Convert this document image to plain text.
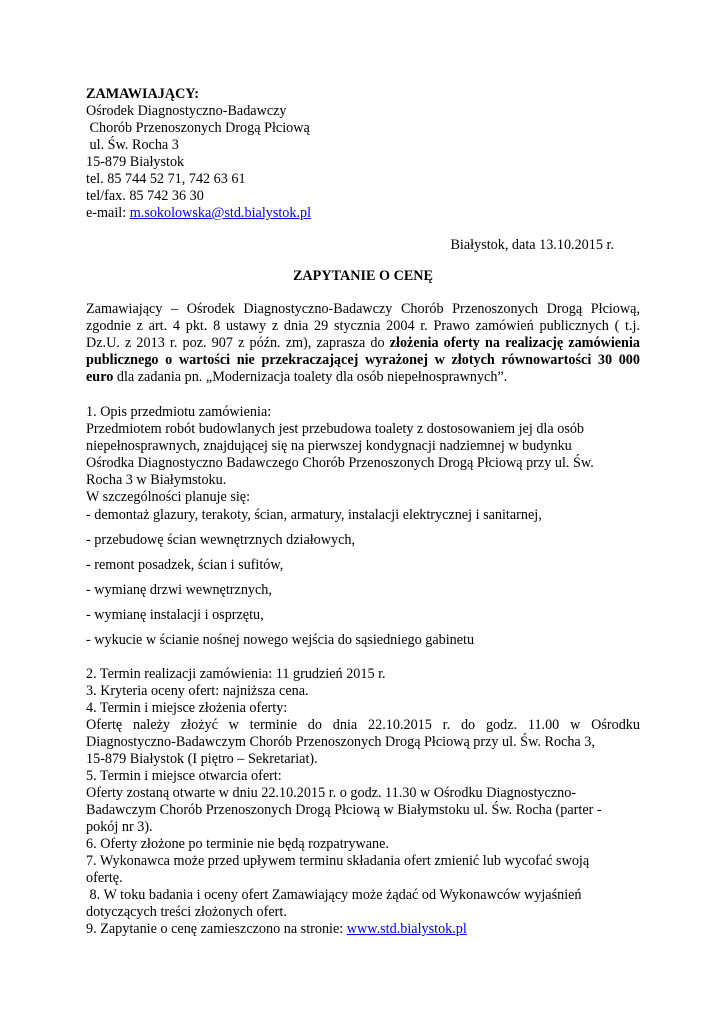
ZAMAWIAJĄCY:
Ośrodek Diagnostyczno-Badawczy
Chorób Przenoszonych Drogą Płciową
ul. Św. Rocha 3
15-879 Białystok
tel. 85 744 52 71, 742 63 61
tel/fax. 85 742 36 30
e-mail: m.sokolowska@std.bialystok.pl
Białystok, data 13.10.2015 r.
ZAPYTANIE O CENĘ
Zamawiający – Ośrodek Diagnostyczno-Badawczy Chorób Przenoszonych Drogą Płciową,
zgodnie z art. 4 pkt. 8 ustawy z dnia 29 stycznia 2004 r. Prawo zamówień publicznych ( t.j.
Dz.U. z 2013 r. poz. 907 z późn. zm), zaprasza do złożenia oferty na realizację zamówienia
publicznego o wartości nie przekraczającej wyrażonej w złotych równowartości 30 000
euro dla zadania pn. „Modernizacja toalety dla osób niepełnosprawnych”.
1. Opis przedmiotu zamówienia:
Przedmiotem robót budowlanych jest przebudowa toalety z dostosowaniem jej dla osób
niepełnosprawnych, znajdującej się na pierwszej kondygnacji nadziemnej w budynku
Ośrodka Diagnostyczno Badawczego Chorób Przenoszonych Drogą Płciową przy ul. Św.
Rocha 3 w Białymstoku.
W szczególności planuje się:
- demontaż glazury, terakoty, ścian, armatury, instalacji elektrycznej i sanitarnej,
- przebudowę ścian wewnętrznych działowych,
- remont posadzek, ścian i sufitów,
- wymianę drzwi wewnętrznych,
- wymianę instalacji i osprzętu,
- wykucie w ścianie nośnej nowego wejścia do sąsiedniego gabinetu
2. Termin realizacji zamówienia: 11 grudzień 2015 r.
3. Kryteria oceny ofert: najniższa cena.
4. Termin i miejsce złożenia oferty:
Ofertę należy złożyć w terminie do dnia 22.10.2015 r. do godz. 11.00 w Ośrodku
Diagnostyczno-Badawczym Chorób Przenoszonych Drogą Płciową przy ul. Św. Rocha 3,
15-879 Białystok (I piętro – Sekretariat).
5. Termin i miejsce otwarcia ofert:
Oferty zostaną otwarte w dniu 22.10.2015 r. o godz. 11.30 w Ośrodku Diagnostyczno-
Badawczym Chorób Przenoszonych Drogą Płciową w Białymstoku ul. Św. Rocha (parter -
pokój nr 3).
6. Oferty złożone po terminie nie będą rozpatrywane.
7. Wykonawca może przed upływem terminu składania ofert zmienić lub wycofać swoją
ofertę.
8. W toku badania i oceny ofert Zamawiający może żądać od Wykonawców wyjaśnień
dotyczących treści złożonych ofert.
9. Zapytanie o cenę zamieszczono na stronie: www.std.bialystok.pl
